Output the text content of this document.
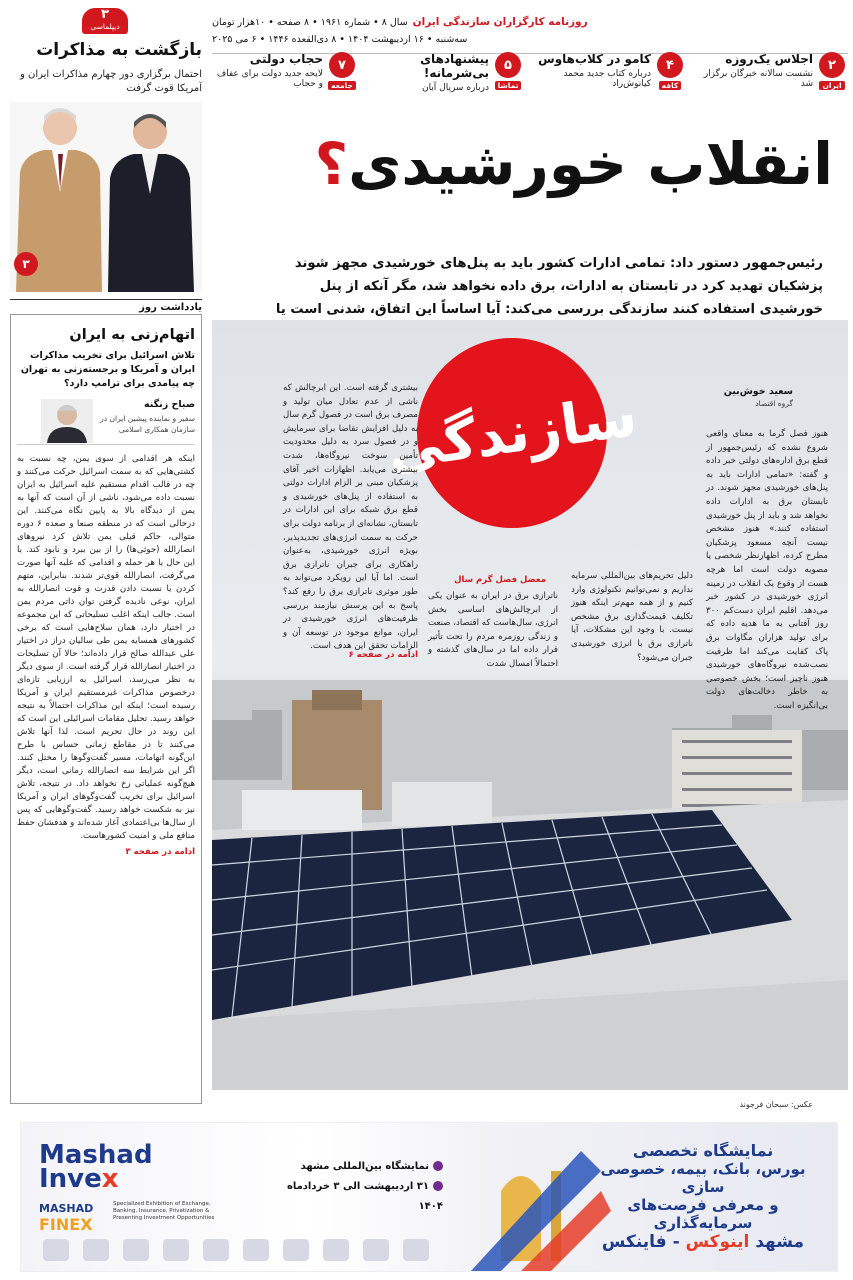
سال ۸ • شماره ۱۹۶۱ • ۸ صفحه • ۱۰هزار تومان روزنامه کارگزاران سازندگی ایران
سه‌شنبه • ۱۶ اردیبهشت ۱۴۰۴ • ۸ ذی‌القعده ۱۴۴۶ • ۶ می ۲۰۲۵
۲
ایران
اجلاس یک‌روزه
نشست سالانه خبرگان برگزار شد
۴
کافه
کامو در کلاب‌هاوس
درباره کتاب جدید محمد کیانوش‌راد
۵
تماشا
پیشنهادهای بی‌شرمانه!
درباره سریال آبان
۷
جامعه
حجاب دولتی
لایحه جدید دولت برای عفاف و حجاب
۳
دیپلماسی
بازگشت به مذاکرات
احتمال برگزاری دور چهارم مذاکرات ایران و آمریکا قوت گرفت
۳
یادداشت روز
اتهام‌زنی به ایران
تلاش اسرائیل برای تخریب مذاکرات ایران و آمریکا و برجسته‌‌زنی به تهران چه پیامدی برای ترامپ دارد؟
صباح زنگنه
سفیر و نماینده پیشین ایران در سازمان همکاری اسلامی
اینکه هر اقدامی از سوی یمن، چه نسبت به کشتی‌هایی که به سمت اسرائیل حرکت می‌کنند و چه در قالب اقدام مستقیم علیه اسرائیل به ایران نسبت داده می‌شود، ناشی از آن است که آنها به یمن از دیدگاه بالا به پایین نگاه می‌کنند. این درحالی است که در منطقه صنعا و صعده ۶ دوره متوالی، حاکم قبلی یمن تلاش کرد نیروهای انصارالله (حوثی‌ها) را از بین ببرد و نابود کند. با این حال با هر حمله و اقدامی که علیه آنها صورت می‌گرفت، انصارالله قوی‌تر شدند. بنابراین، متهم کردن یا نسبت دادن قدرت و قوت انصارالله به ایران، نوعی نادیده گرفتن توان ذاتی مردم یمن است. جالب اینکه اغلب تسلیحاتی که این مجموعه در اختیار دارد، همان سلاح‌هایی است که برخی کشورهای همسایه یمن طی سالیان دراز در اختیار علی عبدالله صالح قرار داده‌اند؛ حالا آن تسلیحات در اختیار انصارالله قرار گرفته است. از سوی دیگر به نظر می‌رسد، اسرائیل به ارزیابی تازه‌ای درخصوص مذاکرات غیرمستقیم ایران و آمریکا رسیده است؛ اینکه این مذاکرات احتمالاً به نتیجه خواهد رسید. تحلیل مقامات اسرائیلی این است که این روند در حال تحریم است. لذا آنها تلاش می‌کنند تا در مقاطع زمانی حساس با طرح این‌گونه اتهامات، مسیر گفت‌وگوها را مختل کنند. اگر این شرایط سه انصارالله زمانی است، دیگر هیچ‌گونه عملیاتی رخ نخواهد داد. در نتیجه، تلاش اسرائیل برای تخریب گفت‌وگوهای ایران و آمریکا نیز به شکست خواهد رسید. گفت‌وگوهایی که پس از سال‌ها بی‌اعتمادی آغاز شده‌اند و هدفشان حفظ منافع ملی و امنیت کشورهاست.
ادامه در صفحه ۳
انقلاب خورشیدی؟
رئیس‌جمهور دستور داد: تمامی ادارات کشور باید به پنل‌های خورشیدی مجهز شوند پزشکیان تهدید کرد در تابستان به ادارات، برق داده نخواهد شد، مگر آنکه از پنل خورشیدی استفاده کنند سازندگی بررسی می‌کند: آیا اساساً این اتفاق، شدنی است یا
سازندگی	سعید خوش‌بین
گروه اقتصاد
هنوز فصل گرما به معنای واقعی شروع نشده که رئیس‌جمهور از قطع برق اداره‌های دولتی خبر داده و گفته: «تمامی ادارات باید به پنل‌های خورشیدی مجهز شوند. در تابستان برق به ادارات داده نخواهد شد و باید از پنل خورشیدی استفاده کنند.» هنوز مشخص نیست آنچه مسعود پزشکیان مطرح کرده، اظهارنظر شخصی یا مصوبه دولت است اما هرچه هست از وقوع یک انقلاب در زمینه انرژی خورشیدی در کشور خبر می‌دهد. اقلیم ایران دست‌کم ۳۰۰ روز آفتابی به ما هدیه داده که برای تولید هزاران مگاوات برق پاک کفایت می‌کند اما ظرفیت نصب‌شده نیروگاه‌های خورشیدی هنوز ناچیز است؛ بخش خصوصی به خاطر دخالت‌های دولت بی‌انگیزه است.
دلیل تحریم‌های بین‌المللی سرمایه نداریم و نمی‌توانیم تکنولوژی وارد کنیم و از همه مهم‌تر اینکه هنوز تکلیف قیمت‌گذاری برق مشخص نیست. با وجود این مشکلات، آیا ناترازی برق با انرژی خورشیدی جبران می‌شود؟
معضل فصل گرم سال
ناترازی برق در ایران به عنوان یکی از ابرچالش‌های اساسی بخش انرژی، سال‌هاست که اقتصاد، صنعت و زندگی روزمره مردم را تحت تأثیر قرار داده اما در سال‌های گذشته و احتمالاً امسال شدت
بیشتری گرفته است. این ابرچالش که ناشی از عدم تعادل میان تولید و مصرف برق است در فصول گرم سال به دلیل افزایش تقاضا برای سرمایش و در فصول سرد به دلیل محدودیت تأمین سوخت نیروگاه‌ها، شدت بیشتری می‌یابد. اظهارات اخیر آقای پزشکیان مبنی بر الزام ادارات دولتی به استفاده از پنل‌های خورشیدی و قطع برق شبکه برای این ادارات در تابستان، نشانه‌ای از برنامه دولت برای حرکت به سمت انرژی‌های تجدیدپذیر، بویژه انرژی خورشیدی، به‌عنوان راهکاری برای جبران ناترازی برق است. اما آیا این رویکرد می‌تواند به طور موثری ناترازی برق را رفع کند؟ پاسخ به این پرسش نیازمند بررسی ظرفیت‌های انرژی خورشیدی در ایران، موانع موجود در توسعه آن و الزامات تحقق این هدف است.
ادامه در صفحه ۶
عکس: سبحان فرجوند
Mashad
Invex
MASHAD
FINEX
Specialized Exhibition of Exchange, Banking, Insurance, Privatization & Presenting Investment Opportunities
نمایشگاه بین‌المللی مشهد
۳۱ اردیبهشت الی ۳ خردادماه ۱۴۰۴
نمایشگاه تخصصی
بورس، بانک، بیمه، خصوصی سازی
و معرفی فرصت‌های سرمایه‌گذاری
مشهد اینوکس - فاینکس
